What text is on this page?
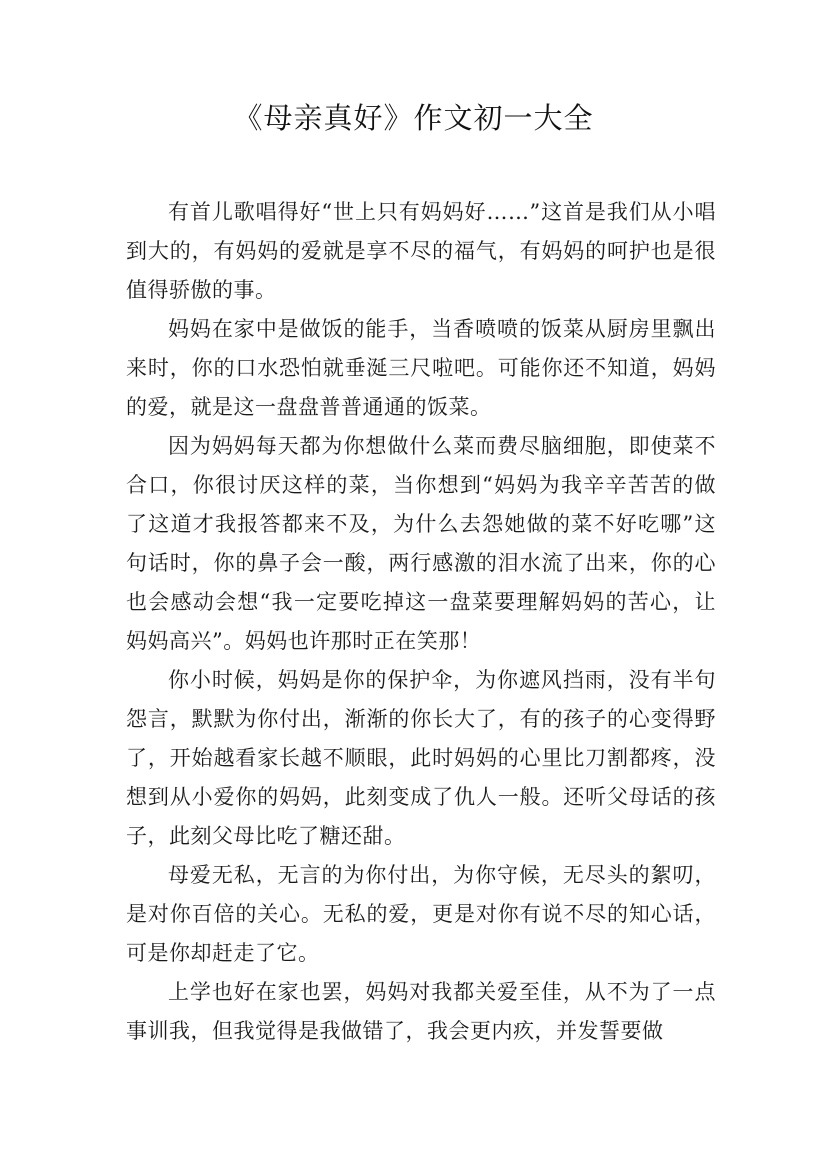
《母亲真好》作文初一大全

有首儿歌唱得好“世上只有妈妈好……”这首是我们从小唱到大的，有妈妈的爱就是享不尽的福气，有妈妈的呵护也是很值得骄傲的事。

妈妈在家中是做饭的能手，当香喷喷的饭菜从厨房里飘出来时，你的口水恐怕就垂涎三尺啦吧。可能你还不知道，妈妈的爱，就是这一盘盘普普通通的饭菜。

因为妈妈每天都为你想做什么菜而费尽脑细胞，即使菜不合口，你很讨厌这样的菜，当你想到“妈妈为我辛辛苦苦的做了这道才我报答都来不及，为什么去怨她做的菜不好吃哪”这句话时，你的鼻子会一酸，两行感激的泪水流了出来，你的心也会感动会想“我一定要吃掉这一盘菜要理解妈妈的苦心，让妈妈高兴”。妈妈也许那时正在笑那！

你小时候，妈妈是你的保护伞，为你遮风挡雨，没有半句怨言，默默为你付出，渐渐的你长大了，有的孩子的心变得野了，开始越看家长越不顺眼，此时妈妈的心里比刀割都疼，没想到从小爱你的妈妈，此刻变成了仇人一般。还听父母话的孩子，此刻父母比吃了糖还甜。

母爱无私，无言的为你付出，为你守候，无尽头的絮叨，是对你百倍的关心。无私的爱，更是对你有说不尽的知心话，可是你却赶走了它。

上学也好在家也罢，妈妈对我都关爱至佳，从不为了一点事训我，但我觉得是我做错了，我会更内疚，并发誓要做
